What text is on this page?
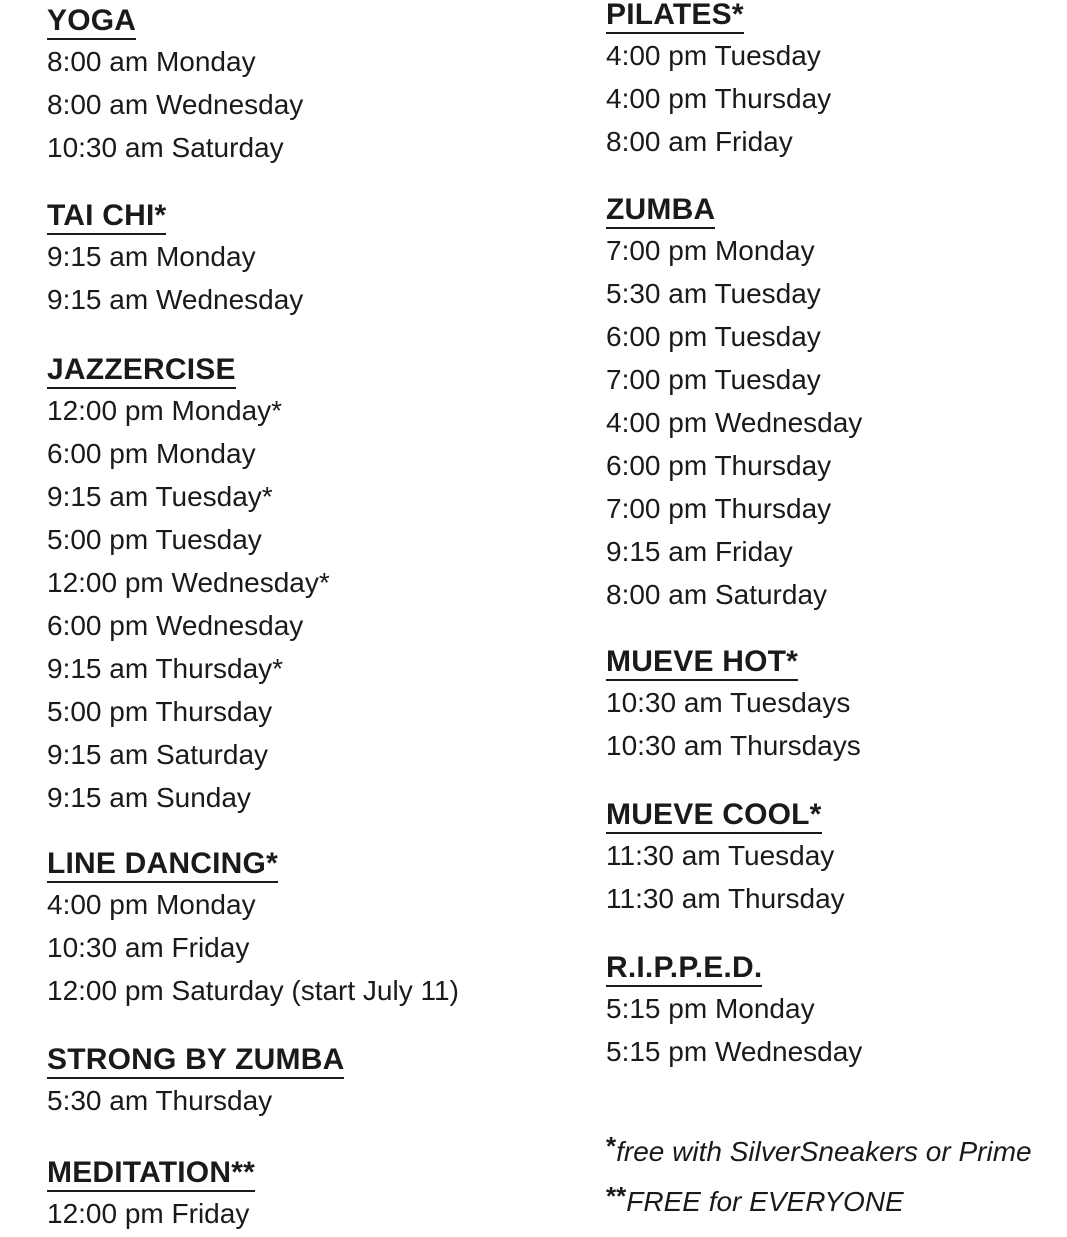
YOGA
8:00 am Monday
8:00 am Wednesday
10:30 am Saturday
TAI CHI*
9:15 am Monday
9:15 am Wednesday
JAZZERCISE
12:00 pm Monday*
6:00 pm Monday
9:15 am Tuesday*
5:00 pm Tuesday
12:00 pm Wednesday*
6:00 pm Wednesday
9:15 am Thursday*
5:00 pm Thursday
9:15 am Saturday
9:15 am Sunday
LINE DANCING*
4:00 pm Monday
10:30 am Friday
12:00 pm Saturday (start July 11)
STRONG BY ZUMBA
5:30 am Thursday
MEDITATION**
12:00 pm Friday
PILATES*
4:00 pm Tuesday
4:00 pm Thursday
8:00 am Friday
ZUMBA
7:00 pm Monday
5:30 am Tuesday
6:00 pm Tuesday
7:00 pm Tuesday
4:00 pm Wednesday
6:00 pm Thursday
7:00 pm Thursday
9:15 am Friday
8:00 am Saturday
MUEVE HOT*
10:30 am Tuesdays
10:30 am Thursdays
MUEVE COOL*
11:30 am Tuesday
11:30 am Thursday
R.I.P.P.E.D.
5:15 pm Monday
5:15 pm Wednesday
*free with SilverSneakers or Prime
**FREE for EVERYONE
